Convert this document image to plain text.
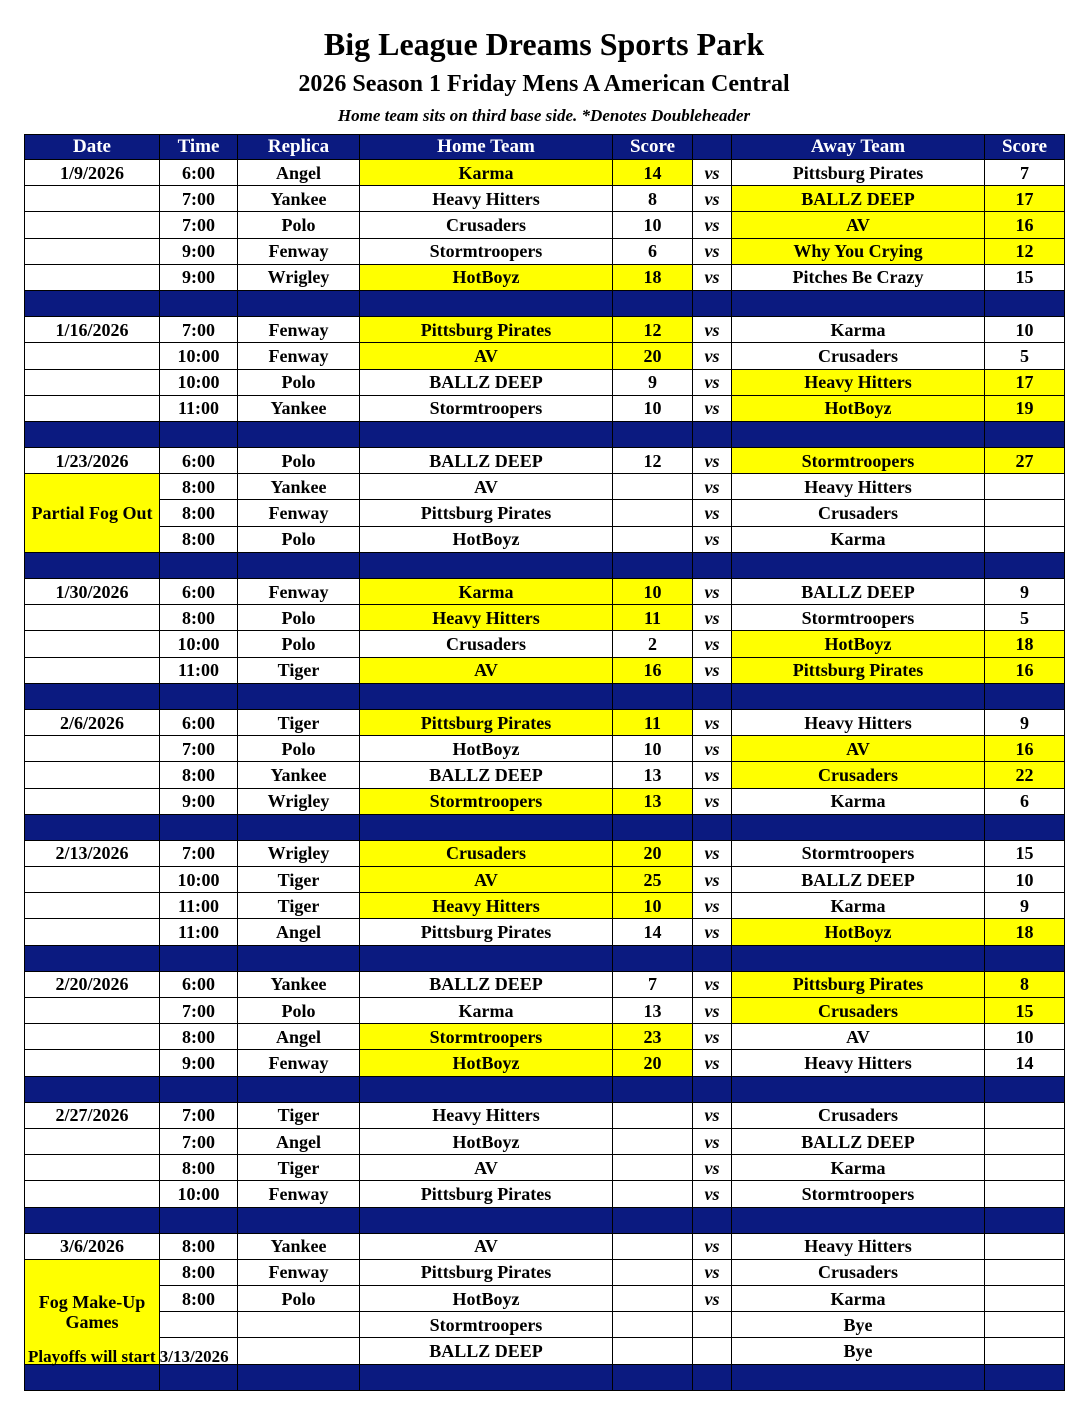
Big League Dreams Sports Park
2026 Season 1 Friday Mens A American Central
Home team sits on third base side. *Denotes Doubleheader
Date	Time	Replica	Home Team	Score		Away Team	Score
1/9/2026	6:00	Angel	Karma	14	vs	Pittsburg Pirates	7
	7:00	Yankee	Heavy Hitters	8	vs	BALLZ DEEP	17
	7:00	Polo	Crusaders	10	vs	AV	16
	9:00	Fenway	Stormtroopers	6	vs	Why You Crying	12
	9:00	Wrigley	HotBoyz	18	vs	Pitches Be Crazy	15

1/16/2026	7:00	Fenway	Pittsburg Pirates	12	vs	Karma	10
	10:00	Fenway	AV	20	vs	Crusaders	5
	10:00	Polo	BALLZ DEEP	9	vs	Heavy Hitters	17
	11:00	Yankee	Stormtroopers	10	vs	HotBoyz	19

1/23/2026	6:00	Polo	BALLZ DEEP	12	vs	Stormtroopers	27
Partial Fog Out	8:00	Yankee	AV		vs	Heavy Hitters	
	8:00	Fenway	Pittsburg Pirates		vs	Crusaders	
	8:00	Polo	HotBoyz		vs	Karma	

1/30/2026	6:00	Fenway	Karma	10	vs	BALLZ DEEP	9
	8:00	Polo	Heavy Hitters	11	vs	Stormtroopers	5
	10:00	Polo	Crusaders	2	vs	HotBoyz	18
	11:00	Tiger	AV	16	vs	Pittsburg Pirates	16

2/6/2026	6:00	Tiger	Pittsburg Pirates	11	vs	Heavy Hitters	9
	7:00	Polo	HotBoyz	10	vs	AV	16
	8:00	Yankee	BALLZ DEEP	13	vs	Crusaders	22
	9:00	Wrigley	Stormtroopers	13	vs	Karma	6

2/13/2026	7:00	Wrigley	Crusaders	20	vs	Stormtroopers	15
	10:00	Tiger	AV	25	vs	BALLZ DEEP	10
	11:00	Tiger	Heavy Hitters	10	vs	Karma	9
	11:00	Angel	Pittsburg Pirates	14	vs	HotBoyz	18

2/20/2026	6:00	Yankee	BALLZ DEEP	7	vs	Pittsburg Pirates	8
	7:00	Polo	Karma	13	vs	Crusaders	15
	8:00	Angel	Stormtroopers	23	vs	AV	10
	9:00	Fenway	HotBoyz	20	vs	Heavy Hitters	14

2/27/2026	7:00	Tiger	Heavy Hitters		vs	Crusaders	
	7:00	Angel	HotBoyz		vs	BALLZ DEEP	
	8:00	Tiger	AV		vs	Karma	
	10:00	Fenway	Pittsburg Pirates		vs	Stormtroopers	

3/6/2026	8:00	Yankee	AV		vs	Heavy Hitters	
Fog Make-Up Games	8:00	Fenway	Pittsburg Pirates		vs	Crusaders	
	8:00	Polo	HotBoyz		vs	Karma	
			Stormtroopers			Bye	
			BALLZ DEEP			Bye	

Playoffs will start 3/13/2026
